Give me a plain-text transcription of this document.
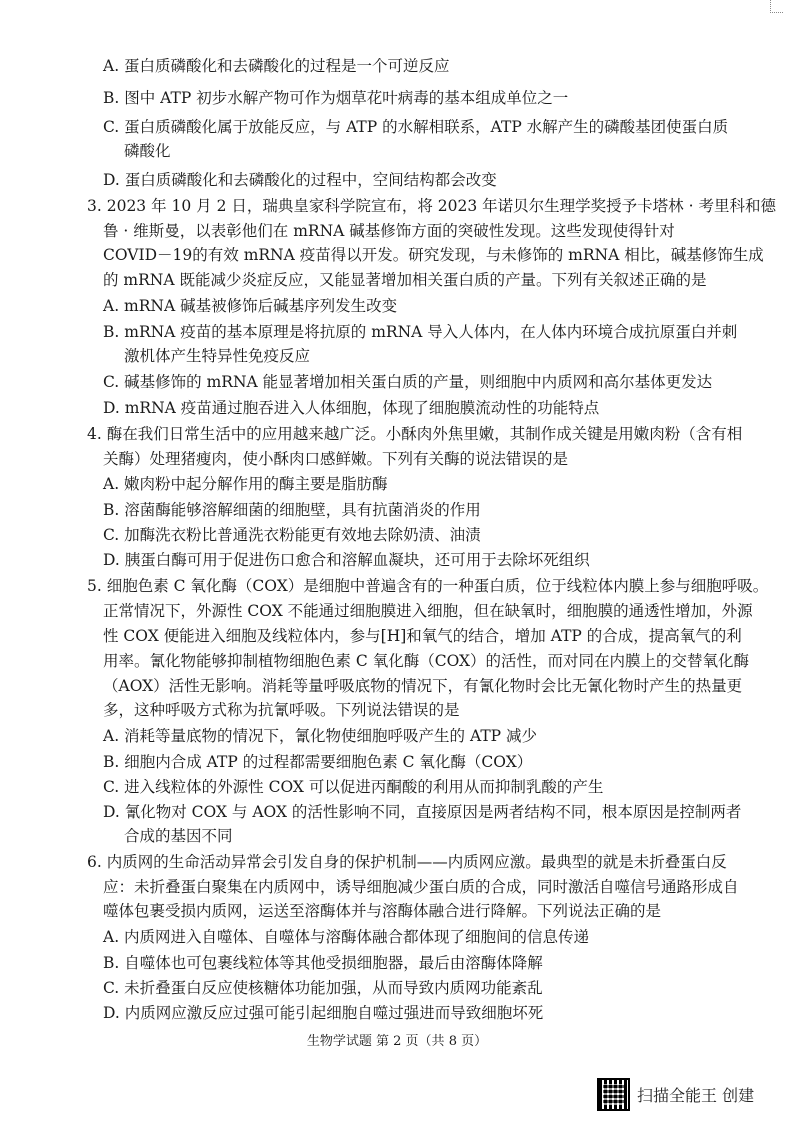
A. 蛋白质磷酸化和去磷酸化的过程是一个可逆反应
B. 图中 ATP 初步水解产物可作为烟草花叶病毒的基本组成单位之一
C. 蛋白质磷酸化属于放能反应，与 ATP 的水解相联系，ATP 水解产生的磷酸基团使蛋白质
磷酸化
D. 蛋白质磷酸化和去磷酸化的过程中，空间结构都会改变
3. 2023 年 10 月 2 日，瑞典皇家科学院宣布，将 2023 年诺贝尔生理学奖授予卡塔林 · 考里科和德
鲁 · 维斯曼，以表彰他们在 mRNA 碱基修饰方面的突破性发现。这些发现使得针对
COVID－19的有效 mRNA 疫苗得以开发。研究发现，与未修饰的 mRNA 相比，碱基修饰生成
的 mRNA 既能减少炎症反应，又能显著增加相关蛋白质的产量。下列有关叙述正确的是
A. mRNA 碱基被修饰后碱基序列发生改变
B. mRNA 疫苗的基本原理是将抗原的 mRNA 导入人体内，在人体内环境合成抗原蛋白并刺
激机体产生特异性免疫反应
C. 碱基修饰的 mRNA 能显著增加相关蛋白质的产量，则细胞中内质网和高尔基体更发达
D. mRNA 疫苗通过胞吞进入人体细胞，体现了细胞膜流动性的功能特点
4. 酶在我们日常生活中的应用越来越广泛。小酥肉外焦里嫩，其制作成关键是用嫩肉粉（含有相
关酶）处理猪瘦肉，使小酥肉口感鲜嫩。下列有关酶的说法错误的是
A. 嫩肉粉中起分解作用的酶主要是脂肪酶
B. 溶菌酶能够溶解细菌的细胞壁，具有抗菌消炎的作用
C. 加酶洗衣粉比普通洗衣粉能更有效地去除奶渍、油渍
D. 胰蛋白酶可用于促进伤口愈合和溶解血凝块，还可用于去除坏死组织
5. 细胞色素 C 氧化酶（COX）是细胞中普遍含有的一种蛋白质，位于线粒体内膜上参与细胞呼吸。
正常情况下，外源性 COX 不能通过细胞膜进入细胞，但在缺氧时，细胞膜的通透性增加，外源
性 COX 便能进入细胞及线粒体内，参与[H]和氧气的结合，增加 ATP 的合成，提高氧气的利
用率。氰化物能够抑制植物细胞色素 C 氧化酶（COX）的活性，而对同在内膜上的交替氧化酶
（AOX）活性无影响。消耗等量呼吸底物的情况下，有氰化物时会比无氰化物时产生的热量更
多，这种呼吸方式称为抗氰呼吸。下列说法错误的是
A. 消耗等量底物的情况下，氰化物使细胞呼吸产生的 ATP 减少
B. 细胞内合成 ATP 的过程都需要细胞色素 C 氧化酶（COX）
C. 进入线粒体的外源性 COX 可以促进丙酮酸的利用从而抑制乳酸的产生
D. 氰化物对 COX 与 AOX 的活性影响不同，直接原因是两者结构不同，根本原因是控制两者
合成的基因不同
6. 内质网的生命活动异常会引发自身的保护机制——内质网应激。最典型的就是未折叠蛋白反
应：未折叠蛋白聚集在内质网中，诱导细胞减少蛋白质的合成，同时激活自噬信号通路形成自
噬体包裹受损内质网，运送至溶酶体并与溶酶体融合进行降解。下列说法正确的是
A. 内质网进入自噬体、自噬体与溶酶体融合都体现了细胞间的信息传递
B. 自噬体也可包裹线粒体等其他受损细胞器，最后由溶酶体降解
C. 未折叠蛋白反应使核糖体功能加强，从而导致内质网功能紊乱
D. 内质网应激反应过强可能引起细胞自噬过强进而导致细胞坏死
生物学试题 第 2 页（共 8 页）
扫描全能王 创建
